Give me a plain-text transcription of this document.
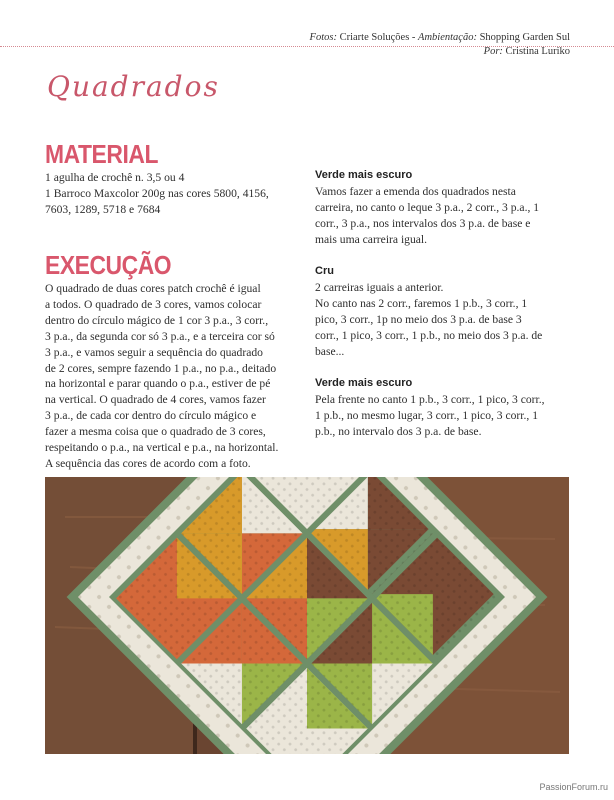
Fotos: Criarte Soluções - Ambientação: Shopping Garden Sul
Por: Cristina Luriko
Quadrados
MATERIAL
1 agulha de crochê n. 3,5 ou 4
1 Barroco Maxcolor 200g nas cores 5800, 4156,
7603, 1289, 5718 e 7684
EXECUÇÃO
O quadrado de duas cores patch crochê é igual
a todos. O quadrado de 3 cores, vamos colocar
dentro do círculo mágico de 1 cor 3 p.a., 3 corr.,
3 p.a., da segunda cor só 3 p.a., e a terceira cor só
3 p.a., e vamos seguir a sequência do quadrado
de 2 cores, sempre fazendo 1 p.a., no p.a., deitado
na horizontal e parar quando o p.a., estiver de pé
na vertical. O quadrado de 4 cores, vamos fazer
3 p.a., de cada cor dentro do círculo mágico e
fazer a mesma coisa que o quadrado de 3 cores,
respeitando o p.a., na vertical e p.a., na horizontal.
A sequência das cores de acordo com a foto.
Verde mais escuro
Vamos fazer a emenda dos quadrados nesta
carreira, no canto o leque 3 p.a., 2 corr., 3 p.a., 1
corr., 3 p.a., nos intervalos dos 3 p.a. de base e
mais uma carreira igual.
Cru
2 carreiras iguais a anterior.
No canto nas 2 corr., faremos 1 p.b., 3 corr., 1
pico, 3 corr., 1p no meio dos 3 p.a. de base 3
corr., 1 pico, 3 corr., 1 p.b., no meio dos 3 p.a. de
base...
Verde mais escuro
Pela frente no canto 1 p.b., 3 corr., 1 pico, 3 corr.,
1 p.b., no mesmo lugar, 3 corr., 1 pico, 3 corr., 1
p.b., no intervalo dos 3 p.a. de base.
PassionForum.ru
